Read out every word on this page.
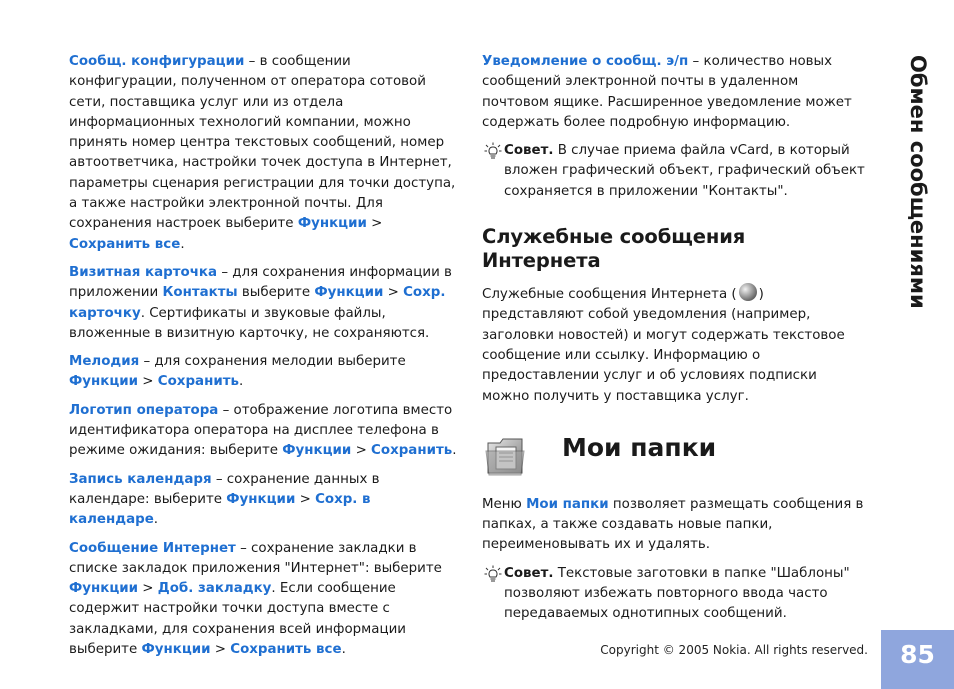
Сообщ. конфигурации – в сообщении конфигурации, полученном от оператора сотовой сети, поставщика услуг или из отдела информационных технологий компании, можно принять номер центра текстовых сообщений, номер автоответчика, настройки точек доступа в Интернет, параметры сценария регистрации для точки доступа, а также настройки электронной почты. Для сохранения настроек выберите Функции > Сохранить все.

Визитная карточка – для сохранения информации в приложении Контакты выберите Функции > Сохр. карточку. Сертификаты и звуковые файлы, вложенные в визитную карточку, не сохраняются.

Мелодия – для сохранения мелодии выберите Функции > Сохранить.

Логотип оператора – отображение логотипа вместо идентификатора оператора на дисплее телефона в режиме ожидания: выберите Функции > Сохранить.

Запись календаря – сохранение данных в календаре: выберите Функции > Сохр. в календаре.

Сообщение Интернет – сохранение закладки в списке закладок приложения "Интернет": выберите Функции > Доб. закладку. Если сообщение содержит настройки точки доступа вместе с закладками, для сохранения всей информации выберите Функции > Сохранить все.

Уведомление о сообщ. э/п – количество новых сообщений электронной почты в удаленном почтовом ящике. Расширенное уведомление может содержать более подробную информацию.

Совет. В случае приема файла vCard, в который вложен графический объект, графический объект сохраняется в приложении "Контакты".
Служебные сообщения Интернета

Служебные сообщения Интернета ( ) представляют собой уведомления (например, заголовки новостей) и могут содержать текстовое сообщение или ссылку. Информацию о предоставлении услуг и об условиях подписки можно получить у поставщика услуг.

Мои папки

Меню Мои папки позволяет размещать сообщения в папках, а также создавать новые папки, переименовывать их и удалять.

Совет. Текстовые заготовки в папке "Шаблоны" позволяют избежать повторного ввода часто передаваемых однотипных сообщений.
Обмен сообщениями
Copyright © 2005 Nokia. All rights reserved.	85
